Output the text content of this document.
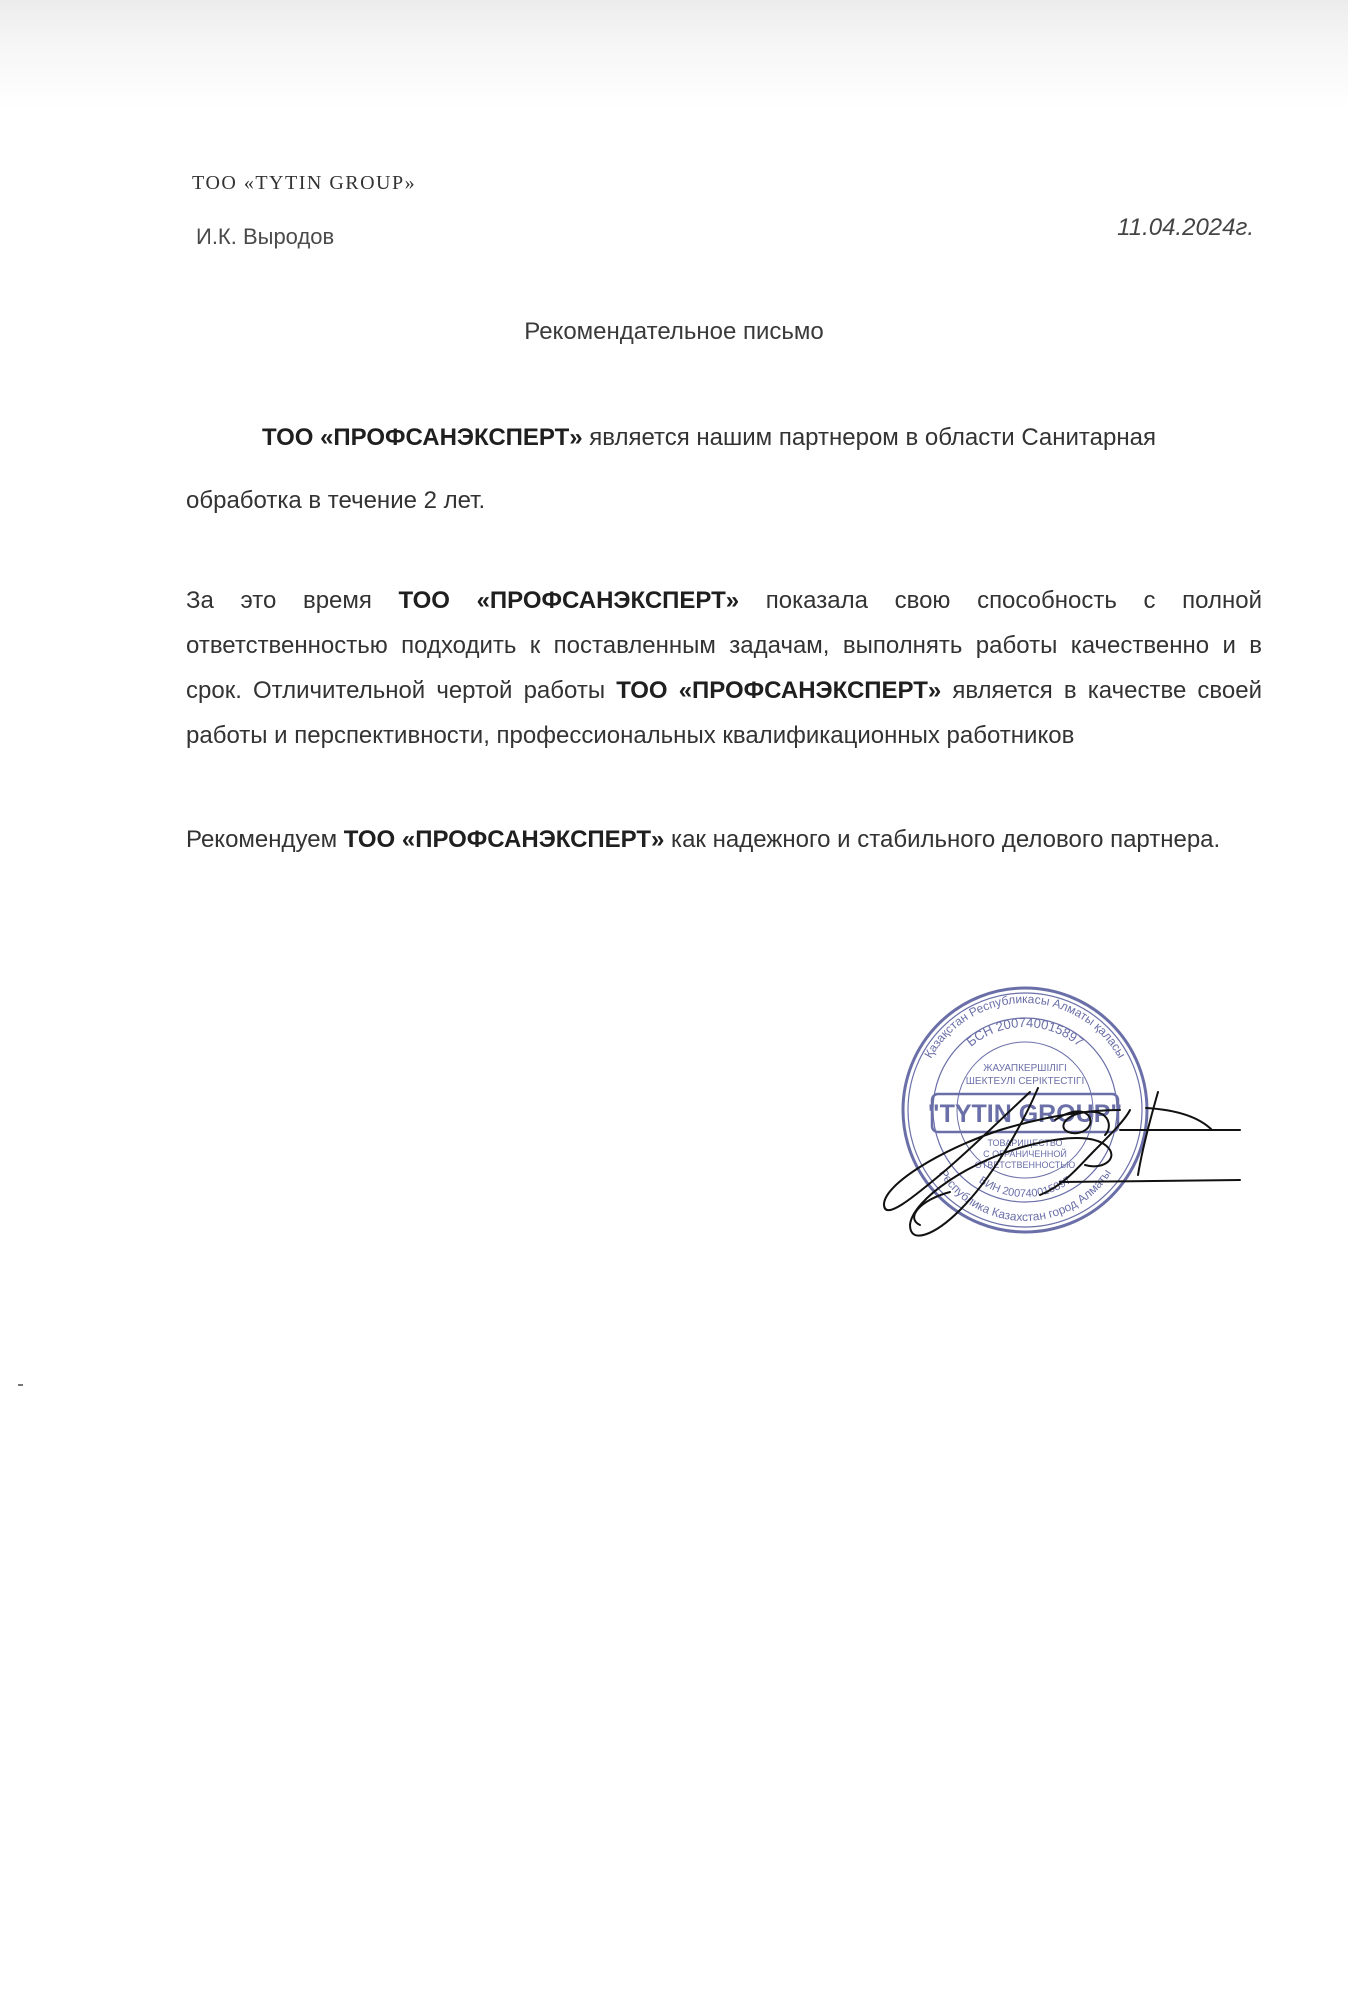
ТОО «TYTIN GROUP»
И.К. Выродов	11.04.2024г.
Рекомендательное письмо
ТОО «ПРОФСАНЭКСПЕРТ» является нашим партнером в области Санитарная обработка в течение 2 лет.
За это время ТОО «ПРОФСАНЭКСПЕРТ» показала свою способность с полной ответственностью подходить к поставленным задачам, выполнять работы качественно и в срок. Отличительной чертой работы ТОО «ПРОФСАНЭКСПЕРТ» является в качестве своей работы и перспективности, профессиональных квалификационных работников
Рекомендуем ТОО «ПРОФСАНЭКСПЕРТ» как надежного и стабильного делового партнера.
Қазақстан Республикасы Алматы қаласы
Республика Казахстан город Алматы
БСН 200740015897
БИН 200740015897
ЖАУАПКЕРШІЛІГІ
ШЕКТЕУЛІ СЕРІКТЕСТІГІ
"TYTIN GROUP"
ТОВАРИЩЕСТВО
С ОГРАНИЧЕННОЙ
ОТВЕТСТВЕННОСТЬЮ
